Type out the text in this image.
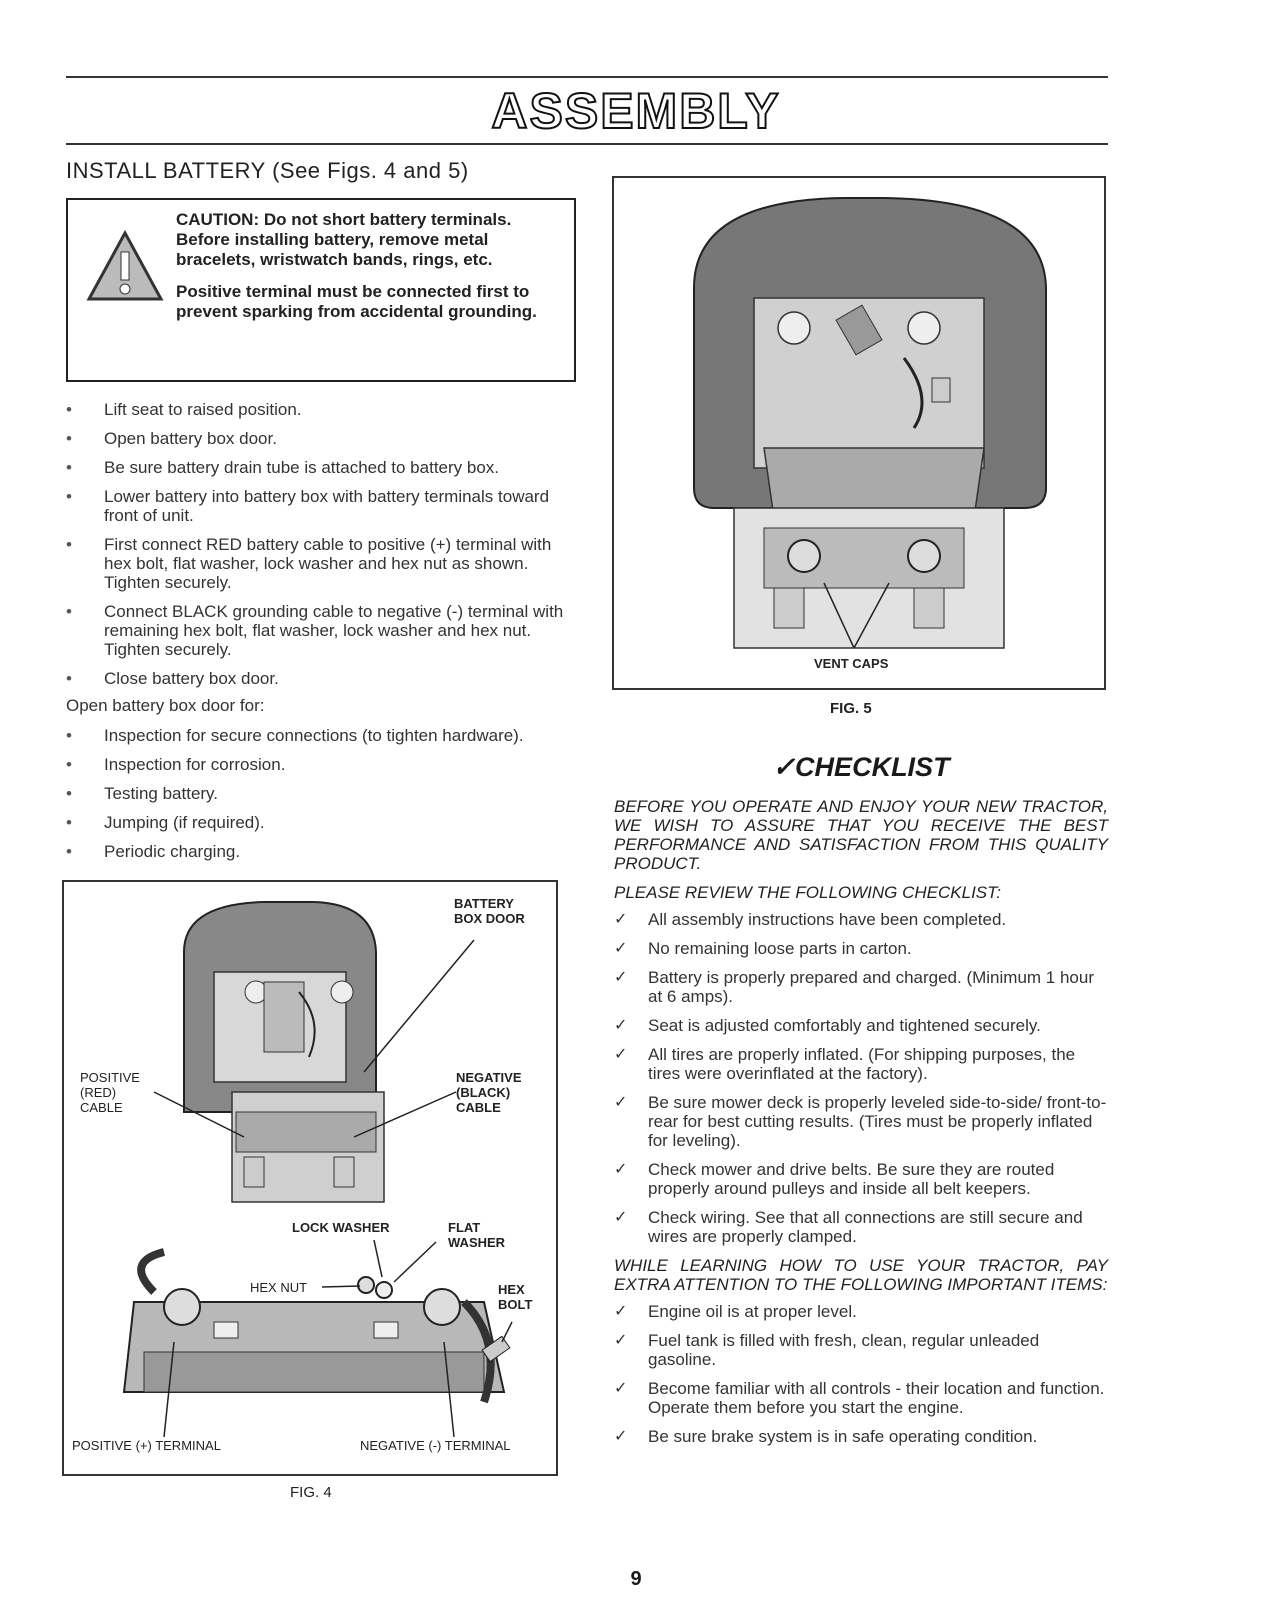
ASSEMBLY
INSTALL BATTERY (See Figs. 4 and 5)

CAUTION: Do not short battery terminals. Before installing battery, remove metal bracelets, wristwatch bands, rings, etc.

Positive terminal must be connected first to prevent sparking from accidental grounding.

• Lift seat to raised position.
• Open battery box door.
• Be sure battery drain tube is attached to battery box.
• Lower battery into battery box with battery terminals toward front of unit.
• First connect RED battery cable to positive (+) terminal with hex bolt, flat washer, lock washer and hex nut as shown. Tighten securely.
• Connect BLACK grounding cable to negative (-) terminal with remaining hex bolt, flat washer, lock washer and hex nut. Tighten securely.
• Close battery box door.
Open battery box door for:
• Inspection for secure connections (to tighten hardware).
• Inspection for corrosion.
• Testing battery.
• Jumping (if required).
• Periodic charging.
BATTERY
BOX DOOR
POSITIVE
(RED)
CABLE
NEGATIVE
(BLACK)
CABLE
LOCK WASHER	FLAT
WASHER
HEX NUT	HEX
BOLT
POSITIVE (+) TERMINAL	NEGATIVE (-) TERMINAL
FIG. 4
VENT CAPS
FIG. 5
✓CHECKLIST

BEFORE YOU OPERATE AND ENJOY YOUR NEW TRACTOR, WE WISH TO ASSURE THAT YOU RECEIVE THE BEST PERFORMANCE AND SATISFACTION FROM THIS QUALITY PRODUCT.

PLEASE REVIEW THE FOLLOWING CHECKLIST:

✓ All assembly instructions have been completed.
✓ No remaining loose parts in carton.
✓ Battery is properly prepared and charged. (Minimum 1 hour at 6 amps).
✓ Seat is adjusted comfortably and tightened securely.
✓ All tires are properly inflated. (For shipping purposes, the tires were overinflated at the factory).
✓ Be sure mower deck is properly leveled side-to-side/ front-to-rear for best cutting results. (Tires must be properly inflated for leveling).
✓ Check mower and drive belts. Be sure they are routed properly around pulleys and inside all belt keepers.
✓ Check wiring. See that all connections are still secure and wires are properly clamped.

WHILE LEARNING HOW TO USE YOUR TRACTOR, PAY EXTRA ATTENTION TO THE FOLLOWING IMPORTANT ITEMS:

✓ Engine oil is at proper level.
✓ Fuel tank is filled with fresh, clean, regular unleaded gasoline.
✓ Become familiar with all controls - their location and function. Operate them before you start the engine.
✓ Be sure brake system is in safe operating condition.
9
